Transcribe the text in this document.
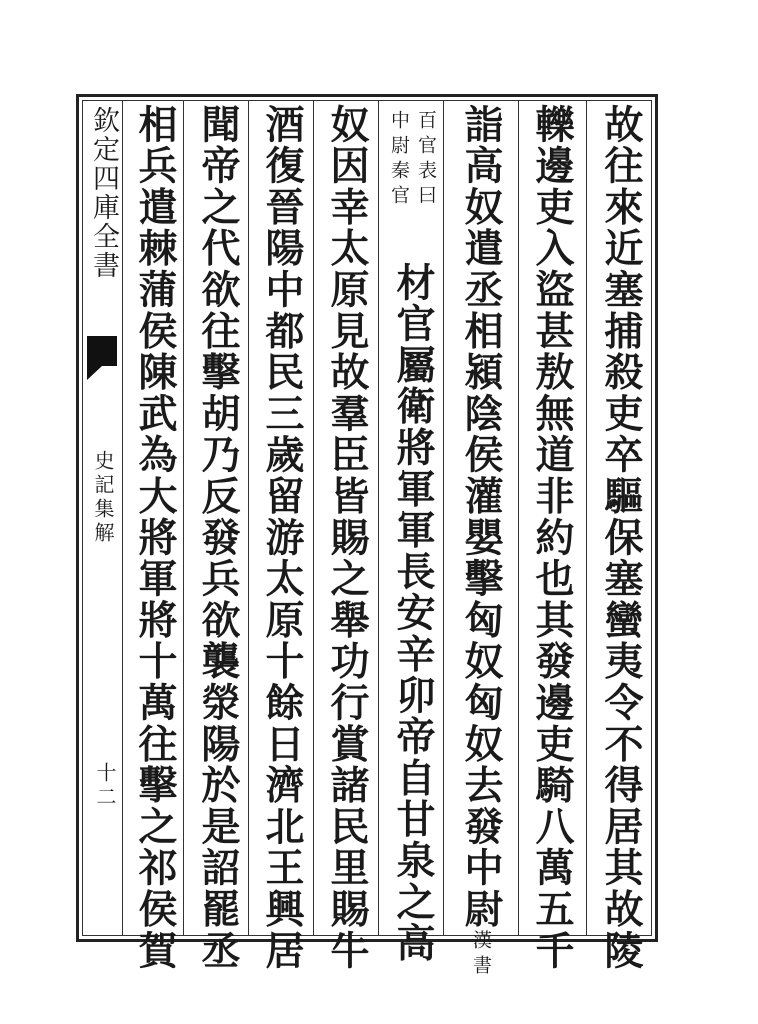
欽定四庫全書
史記集解
十二	故往來近塞捕殺吏卒驅保塞蠻夷令不得居其故陵
轢邊吏入盜甚敖無道非約也其發邊吏騎八萬五千
詣高奴遣丞相潁陰侯灌嬰擊匈奴匈奴去發中尉漢書
百官表曰
中尉秦官
材官屬衛將軍軍長安辛卯帝自甘泉之高
奴因幸太原見故羣臣皆賜之舉功行賞諸民里賜牛
酒復晉陽中都民三歲留游太原十餘日濟北王興居
聞帝之代欲往擊胡乃反發兵欲襲滎陽於是詔罷丞
相兵遣棘蒲侯陳武為大將軍將十萬往擊之祁侯賀
